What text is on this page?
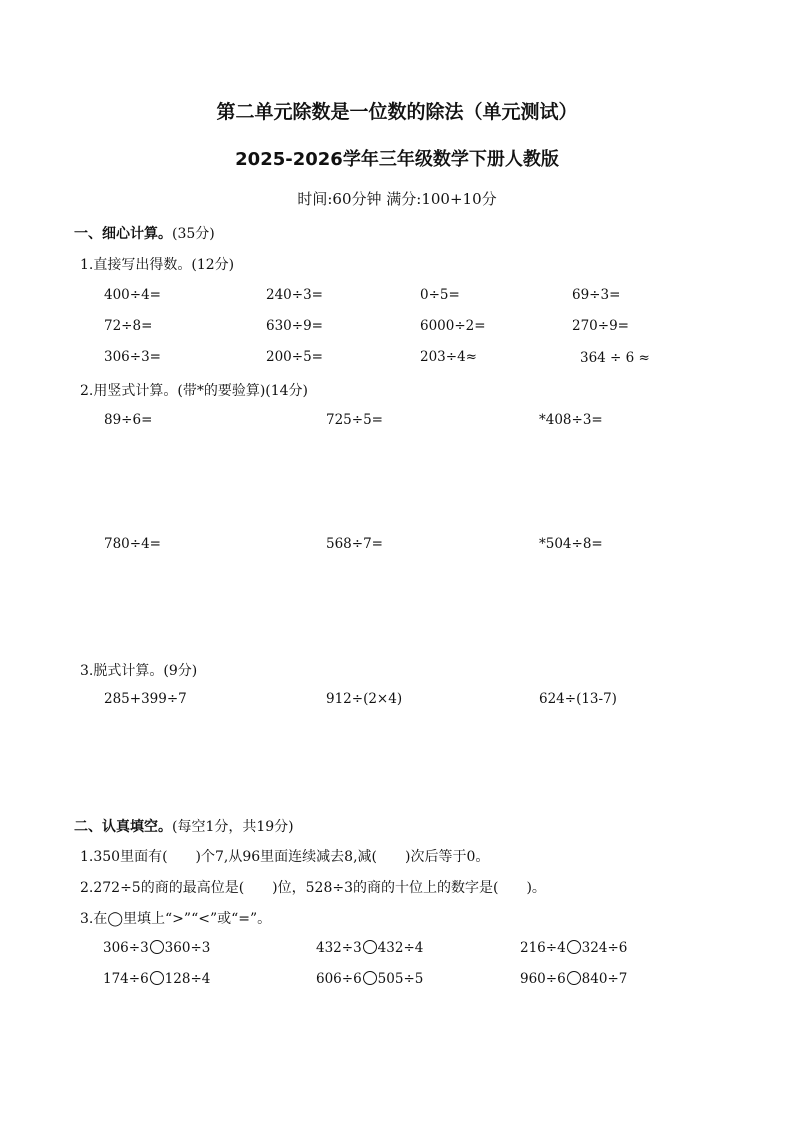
第二单元除数是一位数的除法（单元测试）
2025-2026学年三年级数学下册人教版
时间:60分钟 满分:100+10分
一、细心计算。(35分)
1.直接写出得数。(12分)
400÷4=	240÷3=	0÷5=	69÷3=
72÷8=	630÷9=	6000÷2=	270÷9=
306÷3=	200÷5=	203÷4≈	364 ÷ 6 ≈
2.用竖式计算。(带*的要验算)(14分)
89÷6=	725÷5=	*408÷3=
780÷4=	568÷7=	*504÷8=
3.脱式计算。(9分)
285+399÷7	912÷(2×4)	624÷(13-7)
二、认真填空。(每空1分，共19分)
1.350里面有(　　)个7,从96里面连续减去8,减(　　)次后等于0。
2.272÷5的商的最高位是(　　)位，528÷3的商的十位上的数字是(　　)。
3.在◯里填上“>”“<”或“=”。
306÷3 360÷3	432÷3 432÷4	216÷4 324÷6
174÷6 128÷4	606÷6 505÷5	960÷6 840÷7
